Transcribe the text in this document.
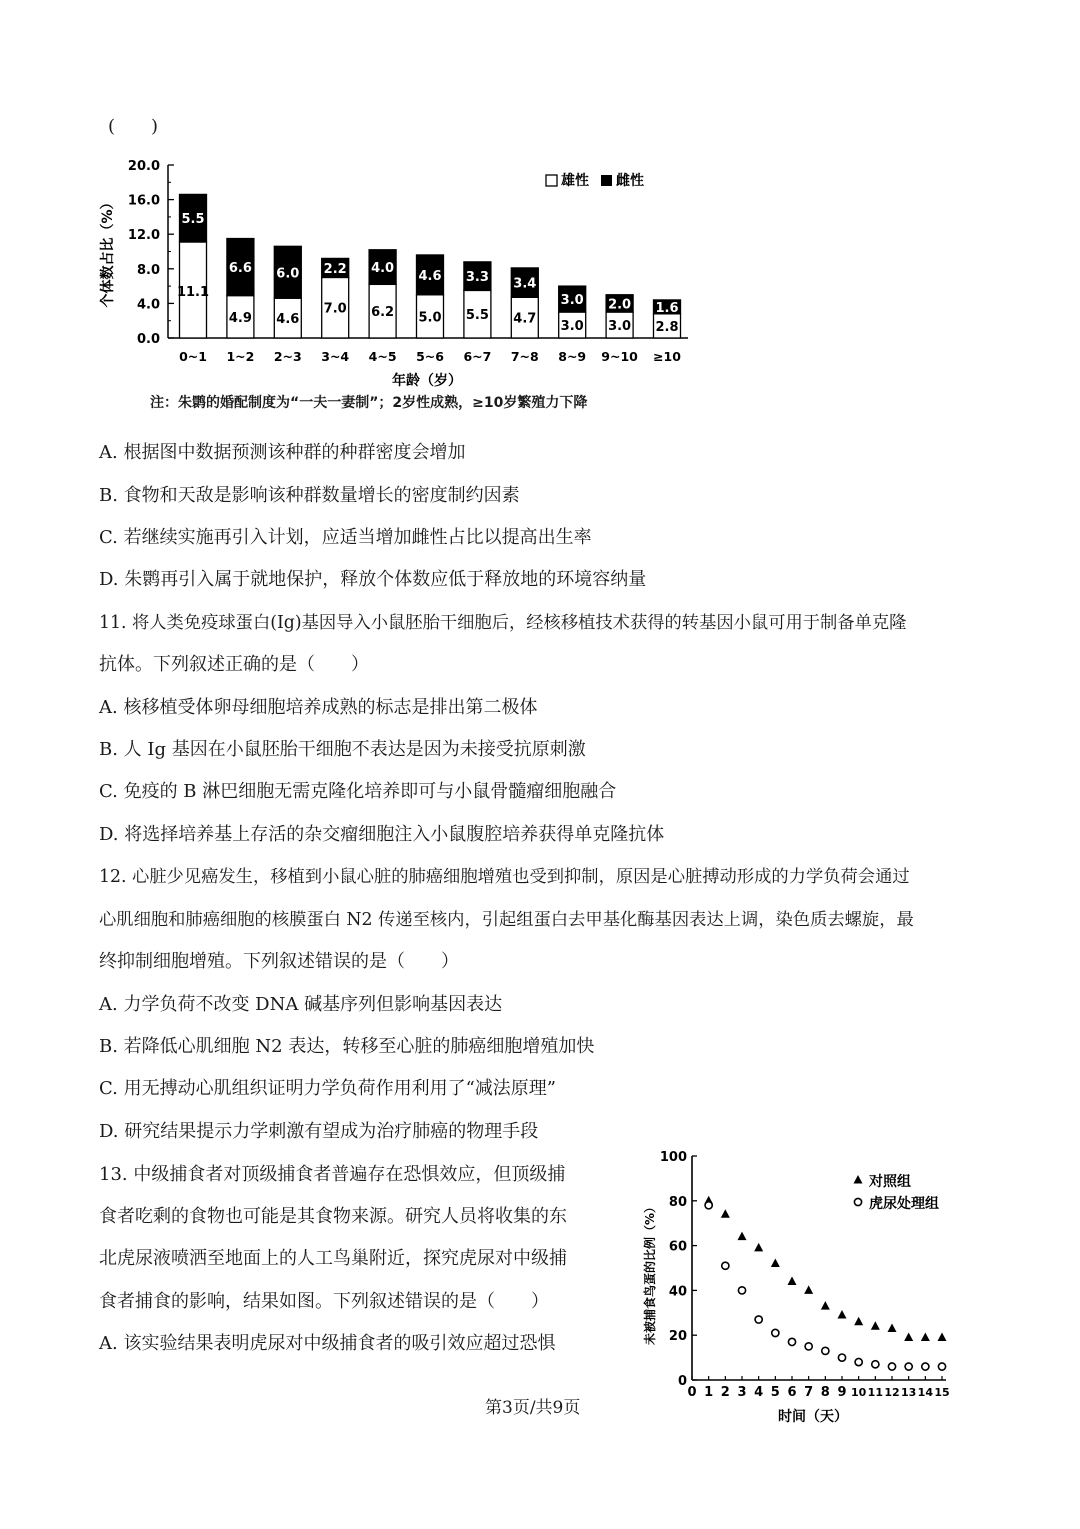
(　　)
0.0
4.0
8.0
12.0
16.0
20.0
个体数占比（%）
年龄（岁）
0~1 1~2 2~3 3~4 4~5 5~6 6~7 7~8 8~9 9~10 ≥10
5.5
11.1
6.6
4.9
6.0
4.6
2.2
7.0
4.0
6.2
4.6
5.0
3.3
5.5
3.4
4.7
3.0
3.0
2.0
3.0
1.6
2.8
雄性 雌性
注：朱鹮的婚配制度为“一夫一妻制”；2岁性成熟，≥10岁繁殖力下降
A. 根据图中数据预测该种群的种群密度会增加
B. 食物和天敌是影响该种群数量增长的密度制约因素
C. 若继续实施再引入计划，应适当增加雌性占比以提高出生率
D. 朱鹮再引入属于就地保护，释放个体数应低于释放地的环境容纳量
11. 将人类免疫球蛋白(Ig)基因导入小鼠胚胎干细胞后，经核移植技术获得的转基因小鼠可用于制备单克隆
抗体。下列叙述正确的是（　　）
A. 核移植受体卵母细胞培养成熟的标志是排出第二极体
B. 人 Ig 基因在小鼠胚胎干细胞不表达是因为未接受抗原刺激
C. 免疫的 B 淋巴细胞无需克隆化培养即可与小鼠骨髓瘤细胞融合
D. 将选择培养基上存活的杂交瘤细胞注入小鼠腹腔培养获得单克隆抗体
12. 心脏少见癌发生，移植到小鼠心脏的肺癌细胞增殖也受到抑制，原因是心脏搏动形成的力学负荷会通过
心肌细胞和肺癌细胞的核膜蛋白 N2 传递至核内，引起组蛋白去甲基化酶基因表达上调，染色质去螺旋，最
终抑制细胞增殖。下列叙述错误的是（　　）
A. 力学负荷不改变 DNA 碱基序列但影响基因表达
B. 若降低心肌细胞 N2 表达，转移至心脏的肺癌细胞增殖加快
C. 用无搏动心肌组织证明力学负荷作用利用了“减法原理”
D. 研究结果提示力学刺激有望成为治疗肺癌的物理手段
13. 中级捕食者对顶级捕食者普遍存在恐惧效应，但顶级捕
食者吃剩的食物也可能是其食物来源。研究人员将收集的东
北虎尿液喷洒至地面上的人工鸟巢附近，探究虎尿对中级捕
食者捕食的影响，结果如图。下列叙述错误的是（　　）
A. 该实验结果表明虎尿对中级捕食者的吸引效应超过恐惧
0
20
40
60
80
100
0 1 2 3 4 5 6 7 8 9 10 11 12 13 14 15
未被捕食鸟蛋的比例（%）
时间（天）
对照组
虎尿处理组
第3页/共9页
